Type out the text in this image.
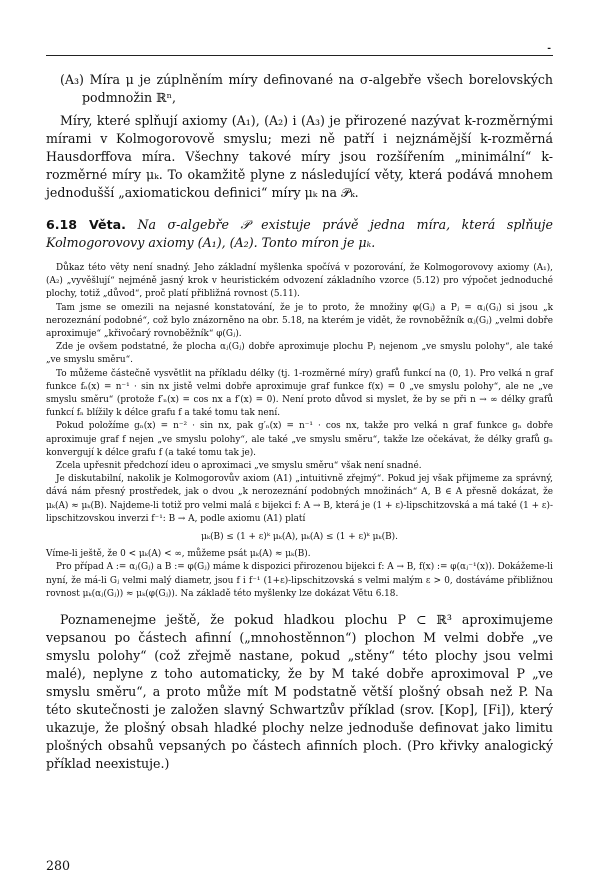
-

(A₃) Míra μ je zúplněním míry definované na σ-algebře všech borelovských podmnožin ℝⁿ,

Míry, které splňují axiomy (A₁), (A₂) i (A₃) je přirozené nazývat k-rozměrnými mírami v Kolmogorovově smyslu; mezi ně patří i nejznámější k-rozměrná Hausdorffova míra. Všechny takové míry jsou rozšířením „minimální“ k-rozměrné míry μₖ. To okamžitě plyne z následující věty, která podává mnohem jednodušší „axiomatickou definici“ míry μₖ na 𝒫ₖ.

6.18 Věta. Na σ-algebře 𝒫 existuje právě jedna míra, která splňuje Kolmogorovovy axiomy (A₁), (A₂). Tonto míron je μₖ.

Důkaz této věty není snadný. Jeho základní myšlenka spočívá v pozorování, že Kolmogorovovy axiomy (A₁), (A₂) „vyvěšlují“ nejméně jasný krok v heuristickém odvození základního vzorce (5.12) pro výpočet jednoduché plochy, totiž „důvod“, proč platí přibližná rovnost (5.11).

Tam jsme se omezili na nejasné konstatování, že je to proto, že množiny φ(Gⱼ) a Pⱼ = αⱼ(Gⱼ) si jsou „k nerozeznání podobné“, což bylo znázorněno na obr. 5.18, na kterém je vidět, že rovnoběžník αⱼ(Gⱼ) „velmi dobře aproximuje“ „křivočarý rovnoběžník“ φ(Gⱼ).

Zde je ovšem podstatné, že plocha αⱼ(Gⱼ) dobře aproximuje plochu Pⱼ nejenom „ve smyslu polohy“, ale také „ve smyslu směru“.

To můžeme částečně vysvětlit na příkladu délky (tj. 1-rozměrné míry) grafů funkcí na (0, 1). Pro velká n graf funkce fₙ(x) = n⁻¹ · sin nx jistě velmi dobře aproximuje graf funkce f(x) = 0 „ve smyslu polohy“, ale ne „ve smyslu směru“ (protože f′ₙ(x) = cos nx a f′(x) = 0). Není proto důvod si myslet, že by se při n → ∞ délky grafů funkcí fₙ blížily k délce grafu f a také tomu tak není.

Pokud položíme gₙ(x) = n⁻² · sin nx, pak g′ₙ(x) = n⁻¹ · cos nx, takže pro velká n graf funkce gₙ dobře aproximuje graf f nejen „ve smyslu polohy“, ale také „ve smyslu směru“, takže lze očekávat, že délky grafů gₙ konvergují k délce grafu f (a také tomu tak je).

Zcela upřesnit předchozí ideu o aproximaci „ve smyslu směru“ však není snadné.

Je diskutabilní, nakolik je Kolmogorovův axiom (A1) „intuitivně zřejmý“. Pokud jej však přijmeme za správný, dává nám přesný prostředek, jak o dvou „k nerozeznání podobných množinách“ A, B ∈ A přesně dokázat, že μₖ(A) ≈ μₖ(B). Najdeme-li totiž pro velmi malá ε bijekci f: A → B, která je (1 + ε)-lipschitzovská a má také (1 + ε)-lipschitzovskou inverzi f⁻¹: B → A, podle axiomu (A1) platí

μₖ(B) ≤ (1 + ε)ᵏ μₖ(A), μₖ(A) ≤ (1 + ε)ᵏ μₖ(B).

Víme-li ještě, že 0 < μₖ(A) < ∞, můžeme psát μₖ(A) ≈ μₖ(B).

Pro případ A := αⱼ(Gⱼ) a B := φ(Gⱼ) máme k dispozici přirozenou bijekci f: A → B, f(x) := φ(αⱼ⁻¹(x)). Dokážeme-li nyní, že má-li Gⱼ velmi malý diametr, jsou f i f⁻¹ (1+ε)-lipschitzovská s velmi malým ε > 0, dostáváme přibližnou rovnost μₖ(αⱼ(Gⱼ)) ≈ μₖ(φ(Gⱼ)). Na základě této myšlenky lze dokázat Větu 6.18.

Poznamenejme ještě, že pokud hladkou plochu P ⊂ ℝ³ aproximujeme vepsanou po částech afinní („mnohostěnnon“) plochon M velmi dobře „ve smyslu polohy“ (což zřejmě nastane, pokud „stěny“ této plochy jsou velmi malé), neplyne z toho automaticky, že by M také dobře aproximoval P „ve smyslu směru“, a proto může mít M podstatně větší plošný obsah než P. Na této skutečnosti je založen slavný Schwartzův příklad (srov. [Kop], [Fi]), který ukazuje, že plošný obsah hladké plochy nelze jednoduše definovat jako limitu plošných obsahů vepsaných po částech afinních ploch. (Pro křivky analogický příklad neexistuje.)

280
